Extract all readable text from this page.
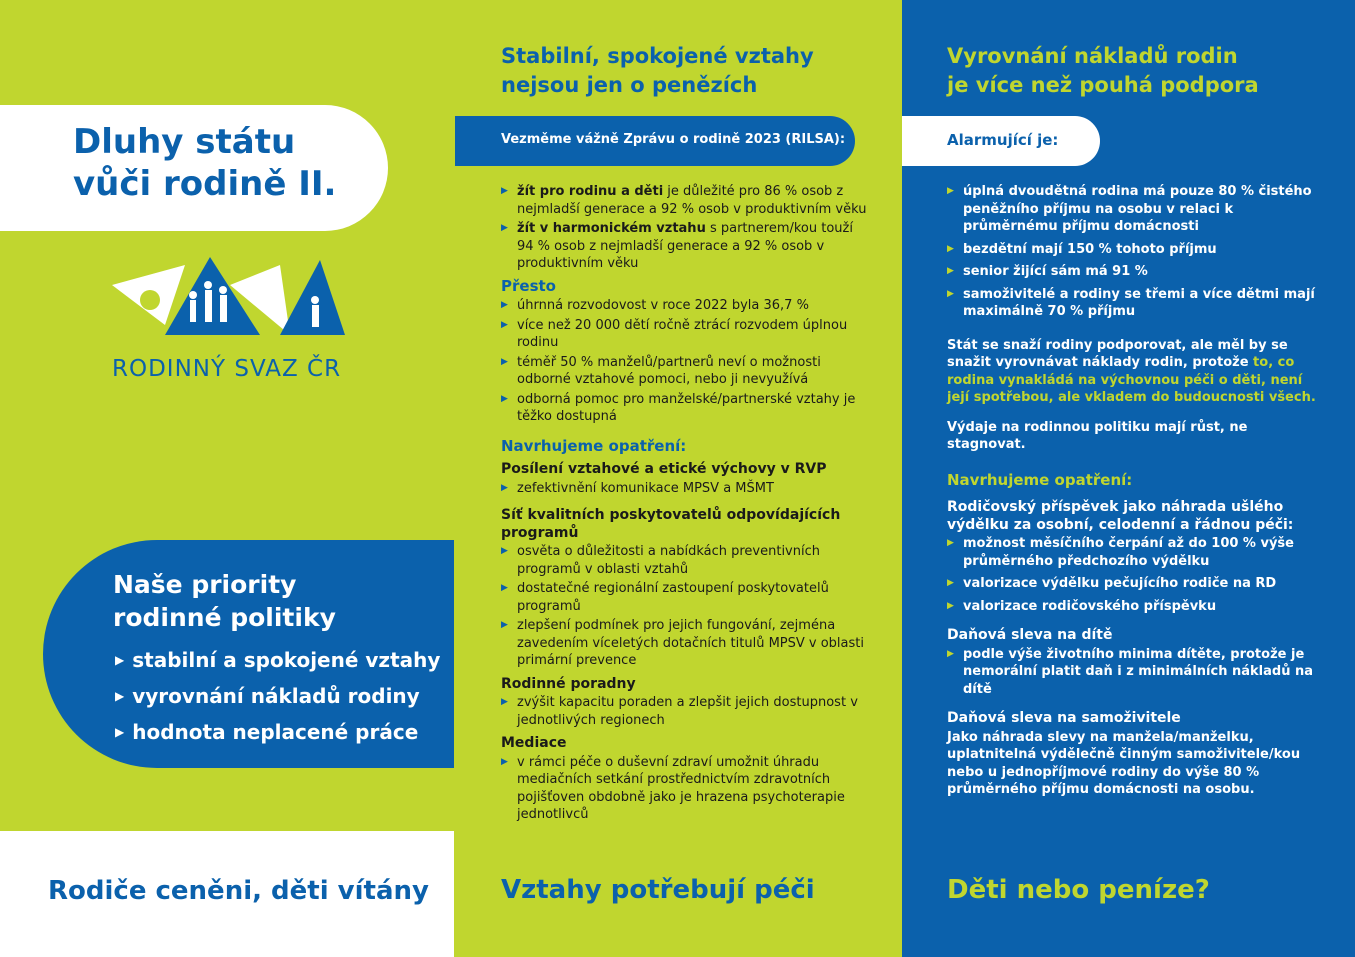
Dluhy státu
vůči rodině II.
RODINNÝ SVAZ ČR
Naše priority
rodinné politiky
▶ stabilní a spokojené vztahy
▶ vyrovnání nákladů rodiny
▶ hodnota neplacené práce
Rodiče ceněni, děti vítány
Stabilní, spokojené vztahy
nejsou jen o penězích
Vezměme vážně Zprávu o rodině 2023 (RILSA):
▶ žít pro rodinu a děti je důležité pro 86 % osob z nejmladší generace a 92 % osob v produktivním věku
▶ žít v harmonickém vztahu s partnerem/kou touží 94 % osob z nejmladší generace a 92 % osob v produktivním věku
Přesto
▶ úhrnná rozvodovost v roce 2022 byla 36,7 %
▶ více než 20 000 dětí ročně ztrácí rozvodem úplnou rodinu
▶ téměř 50 % manželů/partnerů neví o možnosti odborné vztahové pomoci, nebo ji nevyužívá
▶ odborná pomoc pro manželské/partnerské vztahy je těžko dostupná
Navrhujeme opatření:
Posílení vztahové a etické výchovy v RVP
▶ zefektivnění komunikace MPSV a MŠMT
Síť kvalitních poskytovatelů odpovídajících programů
▶ osvěta o důležitosti a nabídkách preventivních programů v oblasti vztahů
▶ dostatečné regionální zastoupení poskytovatelů programů
▶ zlepšení podmínek pro jejich fungování, zejména zavedením víceletých dotačních titulů MPSV v oblasti primární prevence
Rodinné poradny
▶ zvýšit kapacitu poraden a zlepšit jejich dostupnost v jednotlivých regionech
Mediace
▶ v rámci péče o duševní zdraví umožnit úhradu mediačních setkání prostřednictvím zdravotních pojišťoven obdobně jako je hrazena psychoterapie jednotlivců
Vztahy potřebují péči
Vyrovnání nákladů rodin
je více než pouhá podpora
Alarmující je:
▶ úplná dvoudětná rodina má pouze 80 % čistého peněžního příjmu na osobu v relaci k průměrnému příjmu domácnosti
▶ bezdětní mají 150 % tohoto příjmu
▶ senior žijící sám má 91 %
▶ samoživitelé a rodiny se třemi a více dětmi mají maximálně 70 % příjmu

Stát se snaží rodiny podporovat, ale měl by se snažit vyrovnávat náklady rodin, protože to, co rodina vynakládá na výchovnou péči o děti, není její spotřebou, ale vkladem do budoucnosti všech.

Výdaje na rodinnou politiku mají růst, ne stagnovat.

Navrhujeme opatření:
Rodičovský příspěvek jako náhrada ušlého výdělku za osobní, celodenní a řádnou péči:
▶ možnost měsíčního čerpání až do 100 % výše průměrného předchozího výdělku
▶ valorizace výdělku pečujícího rodiče na RD
▶ valorizace rodičovského příspěvku
Daňová sleva na dítě
▶ podle výše životního minima dítěte, protože je nemorální platit daň i z minimálních nákladů na dítě
Daňová sleva na samoživitele

Jako náhrada slevy na manžela/manželku, uplatnitelná výdělečně činným samoživitele/kou nebo u jednopříjmové rodiny do výše 80 % průměrného příjmu domácnosti na osobu.

Děti nebo peníze?
